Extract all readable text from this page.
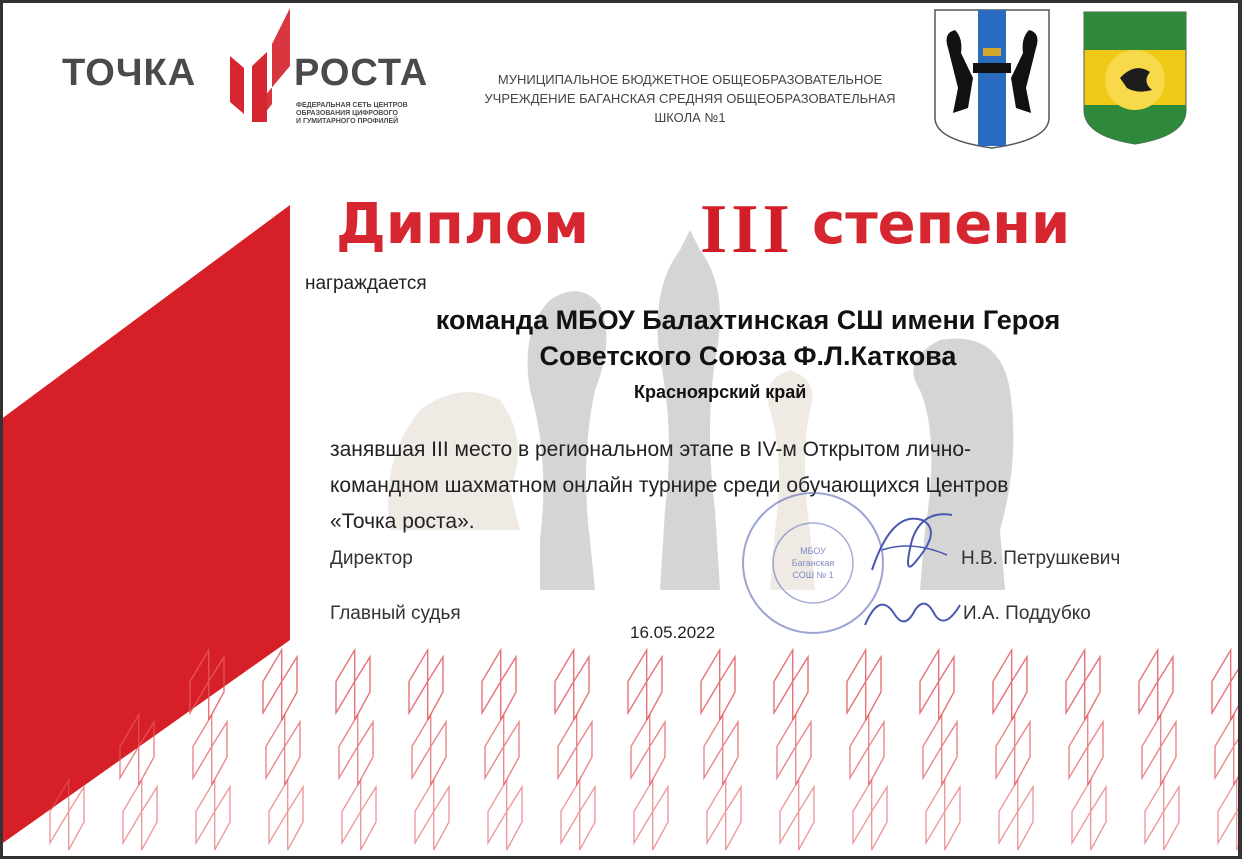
ТОЧКА	РОСТА
ФЕДЕРАЛЬНАЯ СЕТЬ ЦЕНТРОВ
ОБРАЗОВАНИЯ ЦИФРОВОГО
И ГУМИТАРНОГО ПРОФИЛЕЙ
МУНИЦИПАЛЬНОЕ БЮДЖЕТНОЕ ОБЩЕОБРАЗОВАТЕЛЬНОЕ
УЧРЕЖДЕНИЕ БАГАНСКАЯ СРЕДНЯЯ ОБЩЕОБРАЗОВАТЕЛЬНАЯ
ШКОЛА №1
Диплом III степени
награждается
команда МБОУ Балахтинская СШ имени Героя
Советского Союза Ф.Л.Каткова
Красноярский край
занявшая III место в региональном этапе в IV-м Открытом лично-
командном шахматном онлайн турнире среди обучающихся Центров
«Точка роста».
МБОУ Баганская СОШ № 1
Директор	Н.В. Петрушкевич
Главный судья	И.А. Поддубко
16.05.2022
